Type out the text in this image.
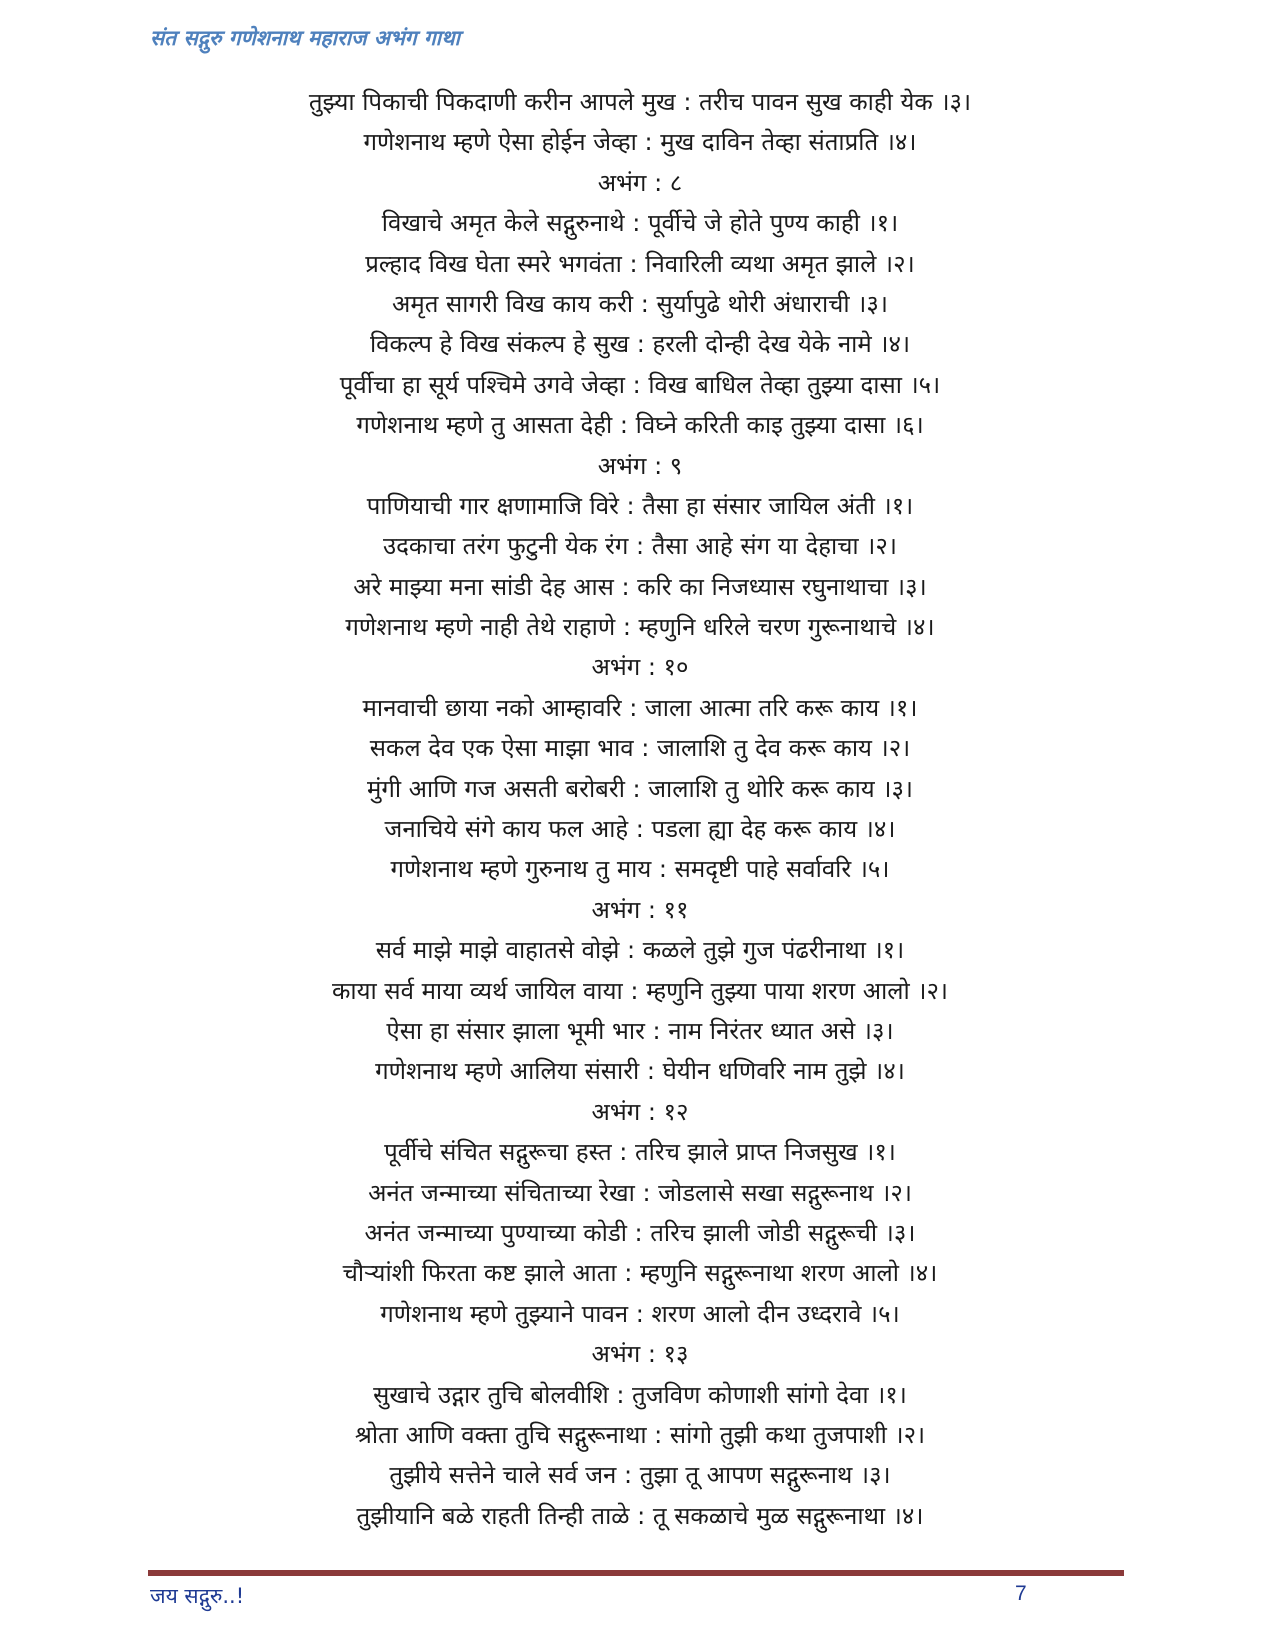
संत सद्गुरु गणेशनाथ महाराज अभंग गाथा
तुझ्या पिकाची पिकदाणी करीन आपले मुख : तरीच पावन सुख काही येक ।३।
गणेशनाथ म्हणे ऐसा होईन जेव्हा : मुख दाविन तेव्हा संताप्रति ।४।
अभंग : ८
विखाचे अमृत केले सद्गुरुनाथे : पूर्वीचे जे होते पुण्य काही ।१।
प्रल्हाद विख घेता स्मरे भगवंता : निवारिली व्यथा अमृत झाले ।२।
अमृत सागरी विख काय करी : सुर्यापुढे थोरी अंधाराची ।३।
विकल्प हे विख संकल्प हे सुख : हरली दोन्ही देख येके नामे ।४।
पूर्वीचा हा सूर्य पश्चिमे उगवे जेव्हा : विख बाधिल तेव्हा तुझ्या दासा ।५।
गणेशनाथ म्हणे तु आसता देही : विघ्ने करिती काइ तुझ्या दासा ।६।
अभंग : ९
पाणियाची गार क्षणामाजि विरे : तैसा हा संसार जायिल अंती ।१।
उदकाचा तरंग फुटुनी येक रंग : तैसा आहे संग या देहाचा ।२।
अरे माझ्या मना सांडी देह आस : करि का निजध्यास रघुनाथाचा ।३।
गणेशनाथ म्हणे नाही तेथे राहाणे : म्हणुनि धरिले चरण गुरूनाथाचे ।४।
अभंग : १०
मानवाची छाया नको आम्हावरि : जाला आत्मा तरि करू काय ।१।
सकल देव एक ऐसा माझा भाव : जालाशि तु देव करू काय ।२।
मुंगी आणि गज असती बरोबरी : जालाशि तु थोरि करू काय ।३।
जनाचिये संगे काय फल आहे : पडला ह्या देह करू काय ।४।
गणेशनाथ म्हणे गुरुनाथ तु माय : समदृष्टी पाहे सर्वावरि ।५।
अभंग : ११
सर्व माझे माझे वाहातसे वोझे : कळले तुझे गुज पंढरीनाथा ।१।
काया सर्व माया व्यर्थ जायिल वाया : म्हणुनि तुझ्या पाया शरण आलो ।२।
ऐसा हा संसार झाला भूमी भार : नाम निरंतर ध्यात असे ।३।
गणेशनाथ म्हणे आलिया संसारी : घेयीन धणिवरि नाम तुझे ।४।
अभंग : १२
पूर्वीचे संचित सद्गुरूचा हस्त : तरिच झाले प्राप्त निजसुख ।१।
अनंत जन्माच्या संचिताच्या रेखा : जोडलासे सखा सद्गुरूनाथ ।२।
अनंत जन्माच्या पुण्याच्या कोडी : तरिच झाली जोडी सद्गुरूची ।३।
चौऱ्यांशी फिरता कष्ट झाले आता : म्हणुनि सद्गुरूनाथा शरण आलो ।४।
गणेशनाथ म्हणे तुझ्याने पावन : शरण आलो दीन उध्दरावे ।५।
अभंग : १३
सुखाचे उद्गार तुचि बोलवीशि : तुजविण कोणाशी सांगो देवा ।१।
श्रोता आणि वक्ता तुचि सद्गुरूनाथा : सांगो तुझी कथा तुजपाशी ।२।
तुझीये सत्तेने चाले सर्व जन : तुझा तू आपण सद्गुरूनाथ ।३।
तुझीयानि बळे राहती तिन्ही ताळे : तू सकळाचे मुळ सद्गुरूनाथा ।४।
जय सद्गुरु..!	7
